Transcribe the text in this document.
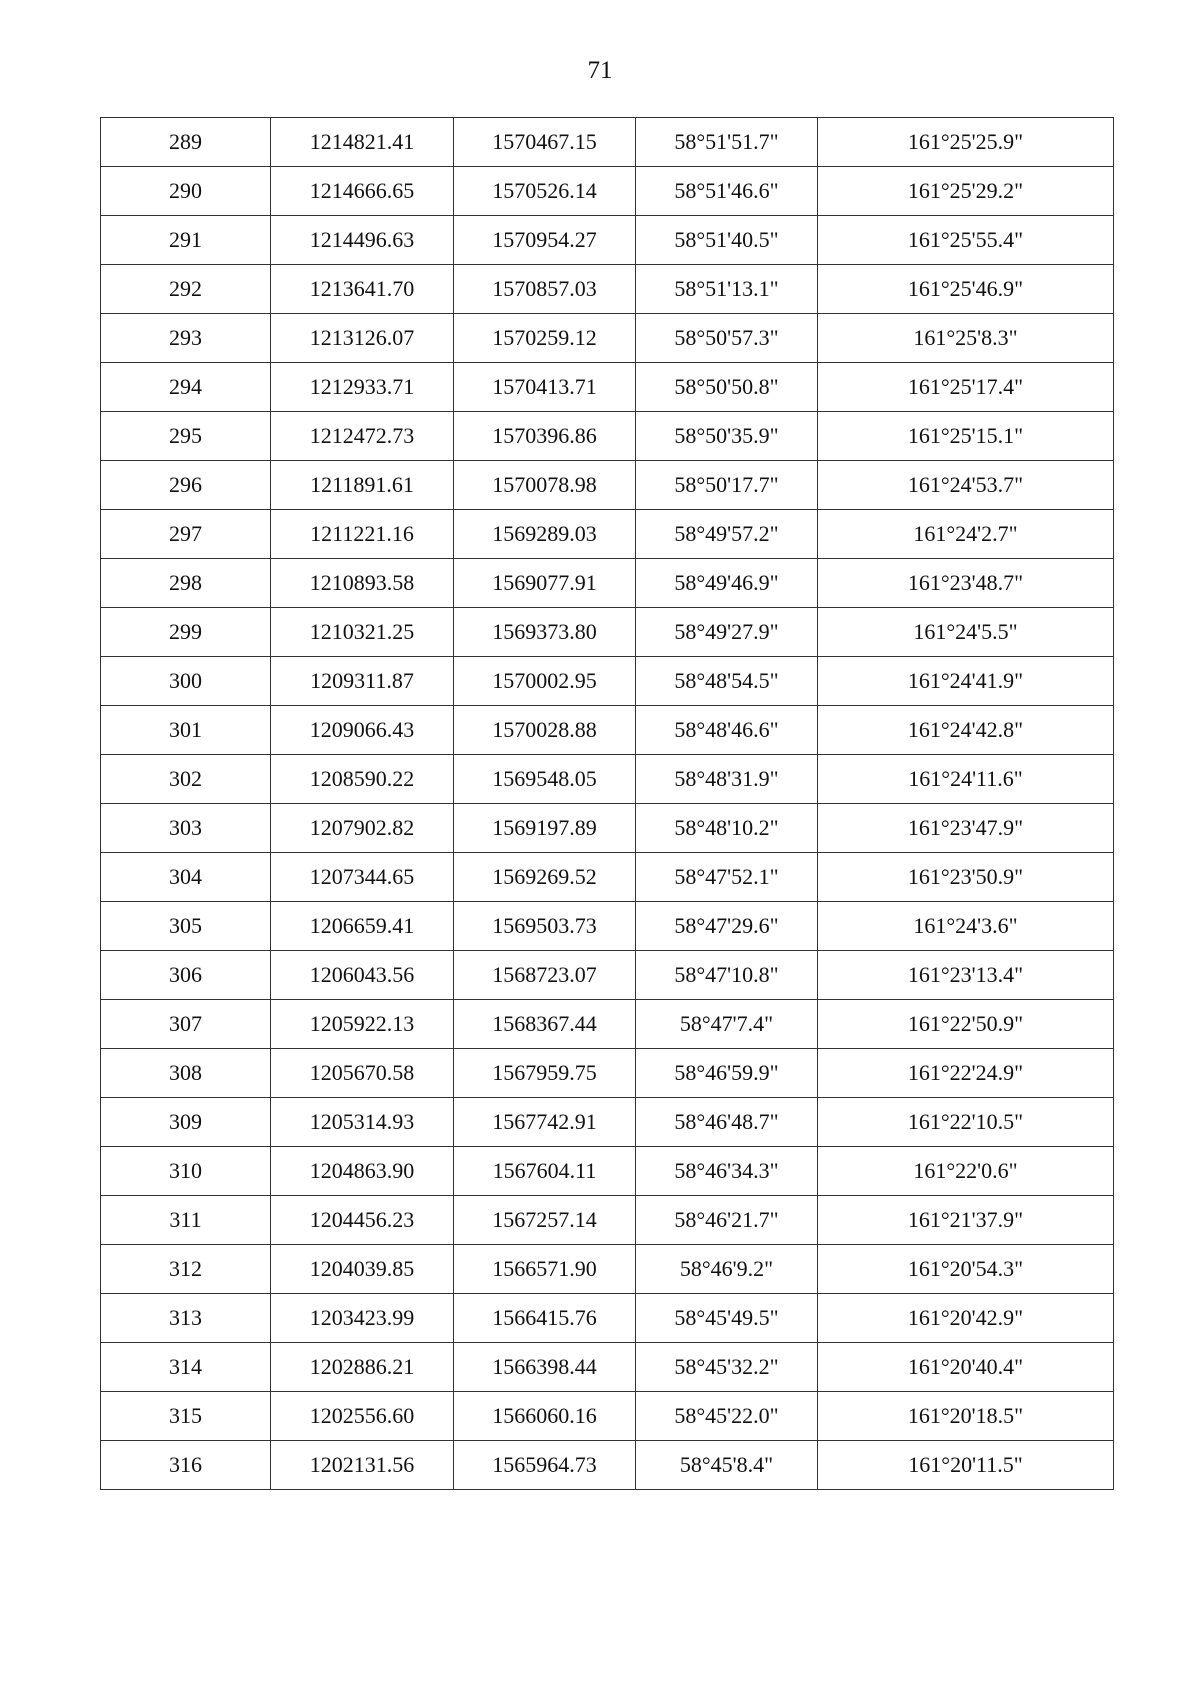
71
289	1214821.41	1570467.15	58°51'51.7"	161°25'25.9"
290	1214666.65	1570526.14	58°51'46.6"	161°25'29.2"
291	1214496.63	1570954.27	58°51'40.5"	161°25'55.4"
292	1213641.70	1570857.03	58°51'13.1"	161°25'46.9"
293	1213126.07	1570259.12	58°50'57.3"	161°25'8.3"
294	1212933.71	1570413.71	58°50'50.8"	161°25'17.4"
295	1212472.73	1570396.86	58°50'35.9"	161°25'15.1"
296	1211891.61	1570078.98	58°50'17.7"	161°24'53.7"
297	1211221.16	1569289.03	58°49'57.2"	161°24'2.7"
298	1210893.58	1569077.91	58°49'46.9"	161°23'48.7"
299	1210321.25	1569373.80	58°49'27.9"	161°24'5.5"
300	1209311.87	1570002.95	58°48'54.5"	161°24'41.9"
301	1209066.43	1570028.88	58°48'46.6"	161°24'42.8"
302	1208590.22	1569548.05	58°48'31.9"	161°24'11.6"
303	1207902.82	1569197.89	58°48'10.2"	161°23'47.9"
304	1207344.65	1569269.52	58°47'52.1"	161°23'50.9"
305	1206659.41	1569503.73	58°47'29.6"	161°24'3.6"
306	1206043.56	1568723.07	58°47'10.8"	161°23'13.4"
307	1205922.13	1568367.44	58°47'7.4"	161°22'50.9"
308	1205670.58	1567959.75	58°46'59.9"	161°22'24.9"
309	1205314.93	1567742.91	58°46'48.7"	161°22'10.5"
310	1204863.90	1567604.11	58°46'34.3"	161°22'0.6"
311	1204456.23	1567257.14	58°46'21.7"	161°21'37.9"
312	1204039.85	1566571.90	58°46'9.2"	161°20'54.3"
313	1203423.99	1566415.76	58°45'49.5"	161°20'42.9"
314	1202886.21	1566398.44	58°45'32.2"	161°20'40.4"
315	1202556.60	1566060.16	58°45'22.0"	161°20'18.5"
316	1202131.56	1565964.73	58°45'8.4"	161°20'11.5"
